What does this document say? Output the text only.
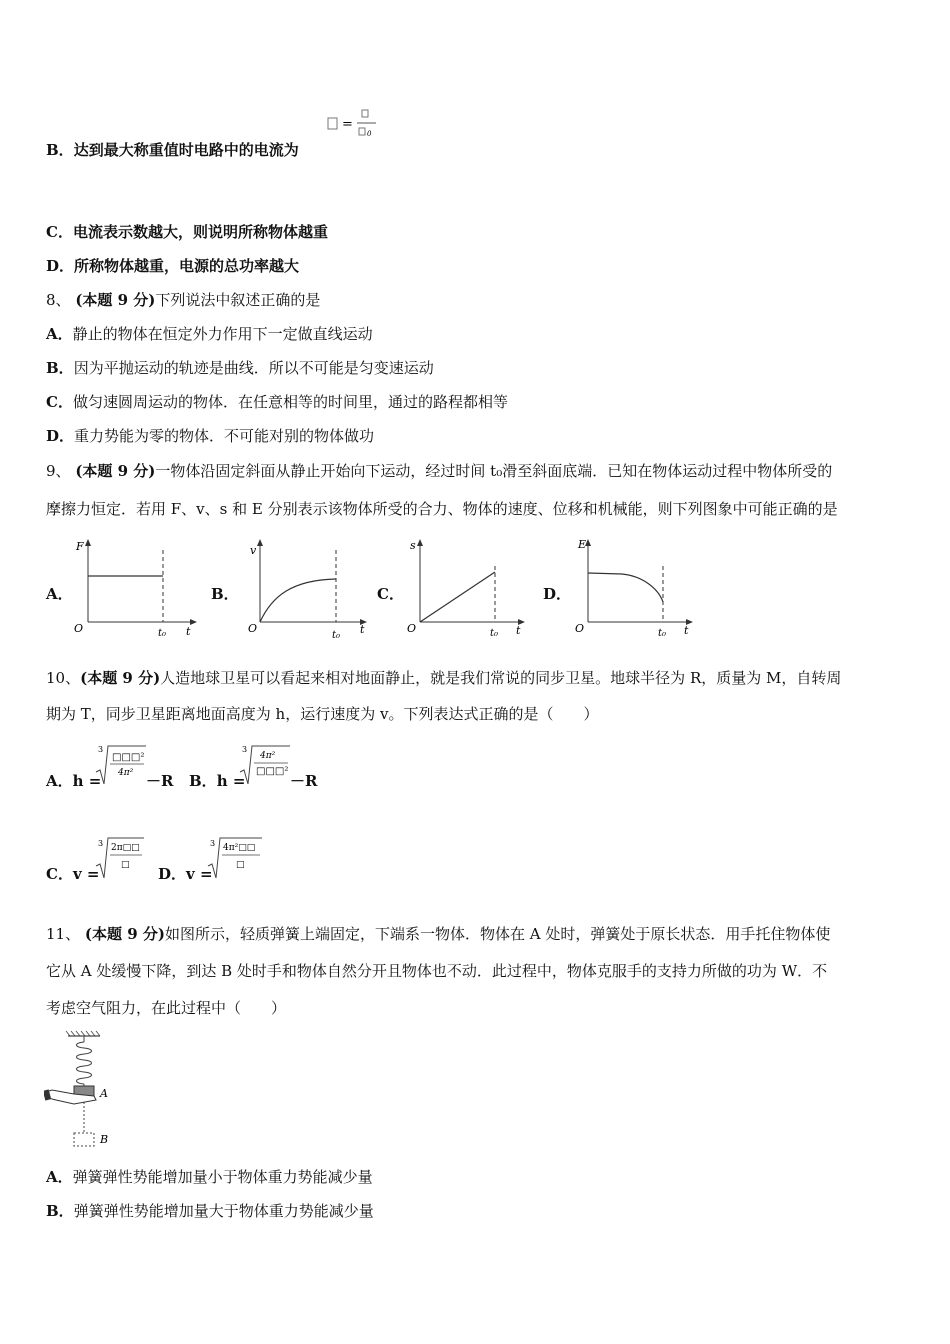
=
0
B．达到最大称重值时电路中的电流为
C．电流表示数越大，则说明所称物体越重
D．所称物体越重，电源的总功率越大
8、 (本题 9 分)下列说法中叙述正确的是
A．静止的物体在恒定外力作用下一定做直线运动
B．因为平抛运动的轨迹是曲线．所以不可能是匀变速运动
C．做匀速圆周运动的物体．在任意相等的时间里，通过的路程都相等
D．重力势能为零的物体．不可能对别的物体做功
9、 (本题 9 分)一物体沿固定斜面从静止开始向下运动，经过时间 t₀滑至斜面底端．已知在物体运动过程中物体所受的
摩擦力恒定．若用 F、v、s 和 E 分别表示该物体所受的合力、物体的速度、位移和机械能，则下列图象中可能正确的是
A．
F
O	t₀ t
B．
v
O
t₀ t
C．
s
O	t₀ t
D．
E
O	t₀ t
10、(本题 9 分)人造地球卫星可以看起来相对地面静止，就是我们常说的同步卫星。地球半径为 R，质量为 M，自转周
期为 T，同步卫星距离地面高度为 h，运行速度为 v。下列表达式正确的是（　　）
A．h =
3
□□□²
4π² －R B．h =
3
4π²
□□□²
－R
C．v =
3 2π□□
□ D．v =
3 4π²□□
□
11、 (本题 9 分)如图所示，轻质弹簧上端固定，下端系一物体．物体在 A 处时，弹簧处于原长状态．用手托住物体使
它从 A 处缓慢下降，到达 B 处时手和物体自然分开且物体也不动．此过程中，物体克服手的支持力所做的功为 W．不
考虑空气阻力，在此过程中（　　）
A
B
A．弹簧弹性势能增加量小于物体重力势能减少量
B．弹簧弹性势能增加量大于物体重力势能减少量
